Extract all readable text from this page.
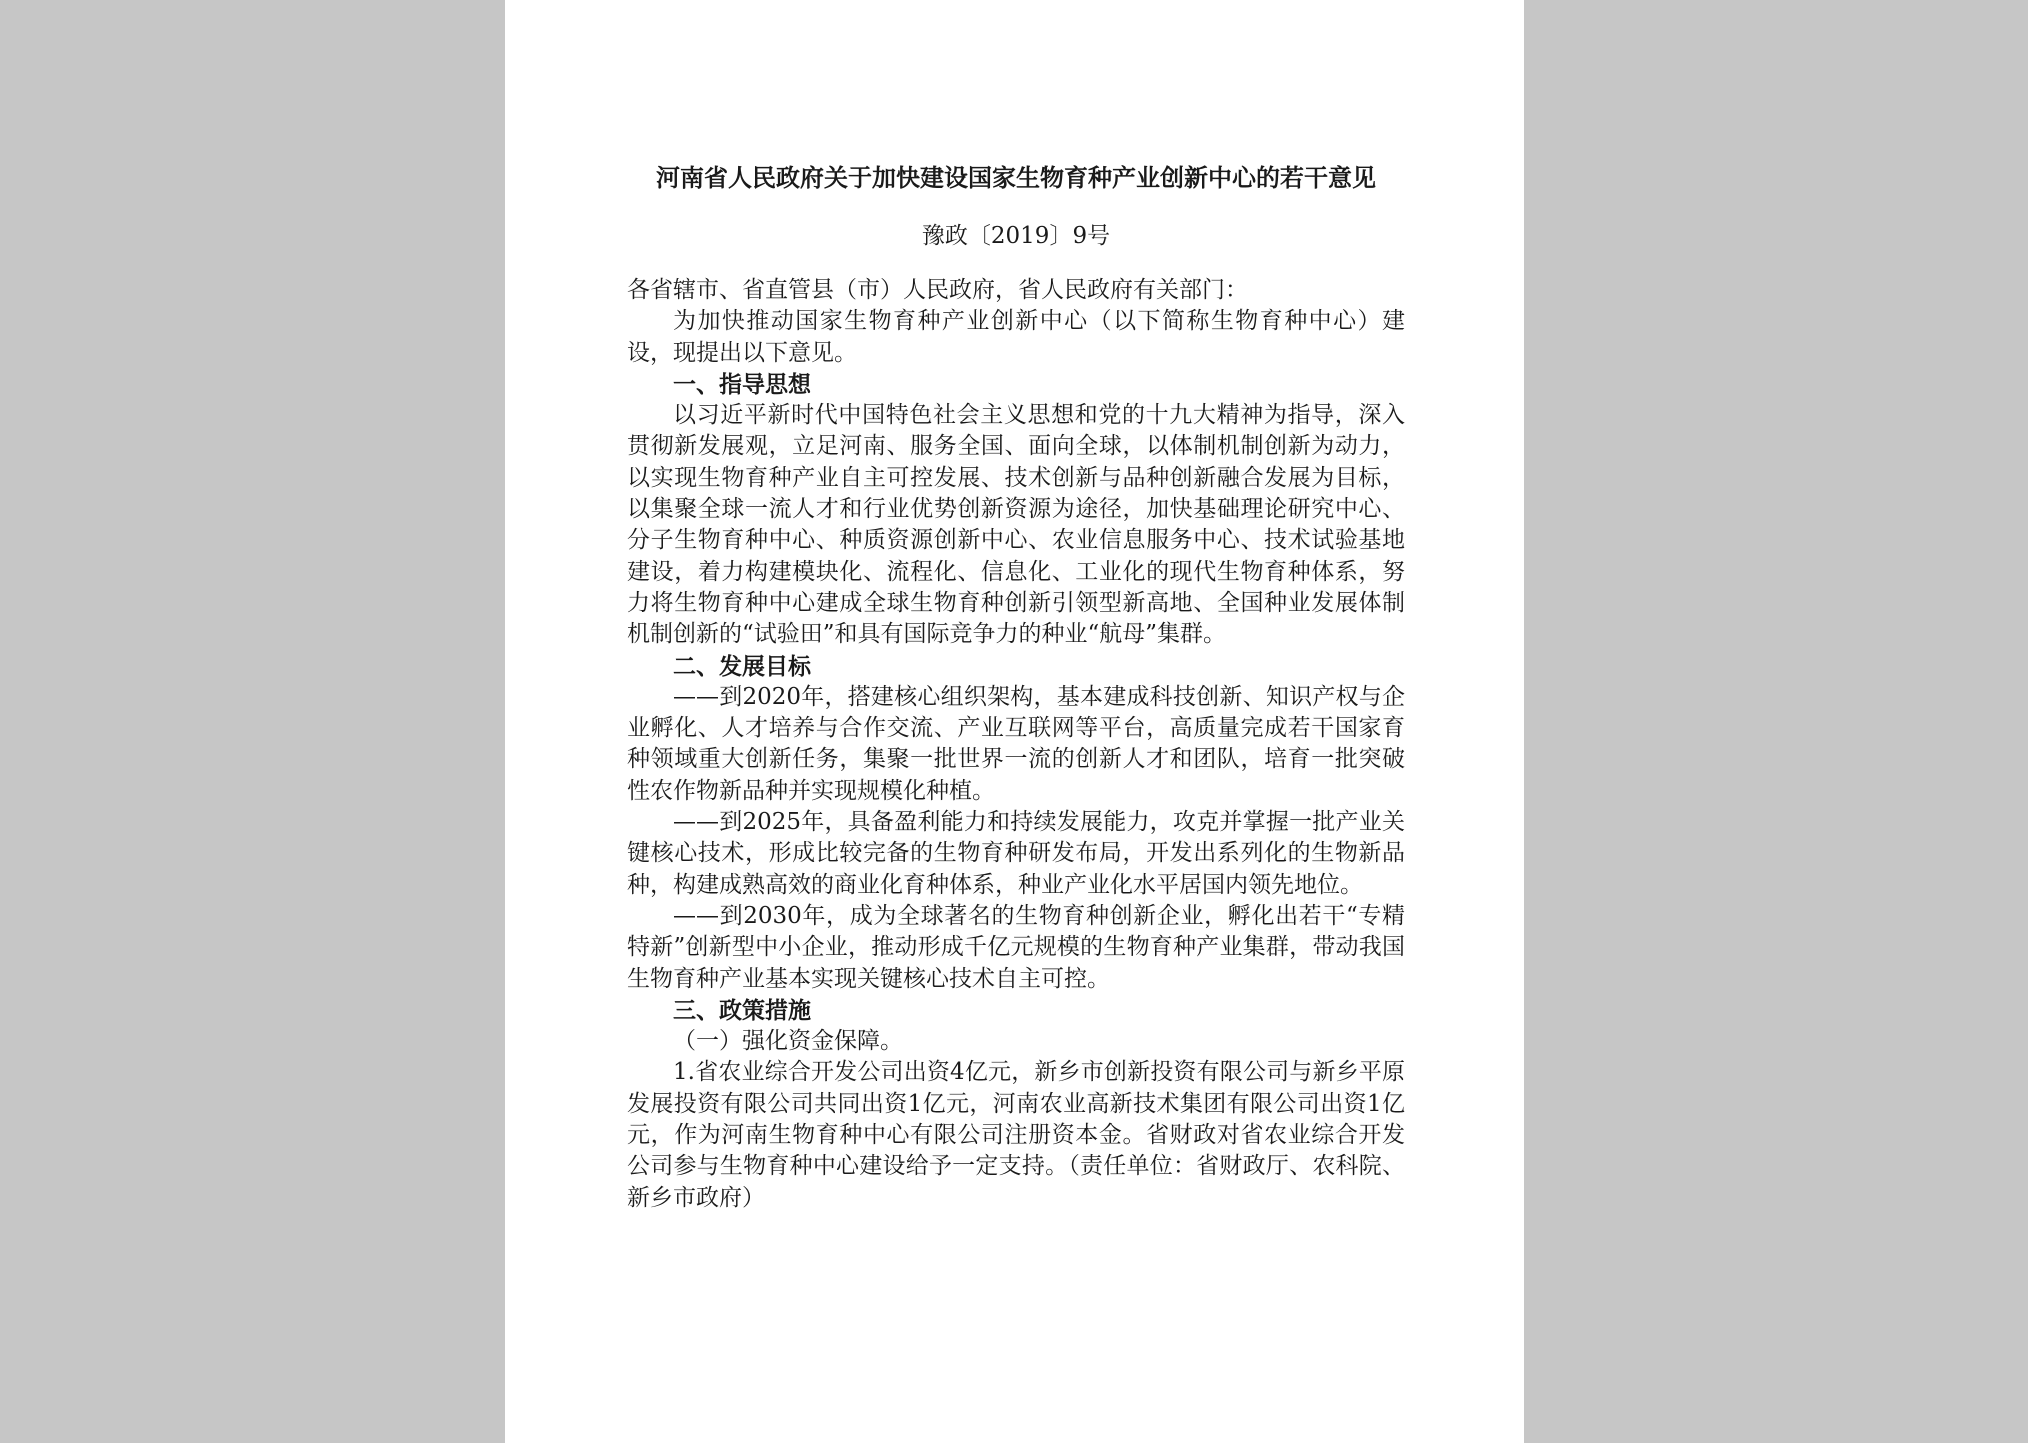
河南省人民政府关于加快建设国家生物育种产业创新中心的若干意见

豫政〔2019〕9号

各省辖市、省直管县（市）人民政府，省人民政府有关部门：

为加快推动国家生物育种产业创新中心（以下简称生物育种中心）建设，现提出以下意见。

一、指导思想

以习近平新时代中国特色社会主义思想和党的十九大精神为指导，深入贯彻新发展观，立足河南、服务全国、面向全球，以体制机制创新为动力，以实现生物育种产业自主可控发展、技术创新与品种创新融合发展为目标，以集聚全球一流人才和行业优势创新资源为途径，加快基础理论研究中心、分子生物育种中心、种质资源创新中心、农业信息服务中心、技术试验基地建设，着力构建模块化、流程化、信息化、工业化的现代生物育种体系，努力将生物育种中心建成全球生物育种创新引领型新高地、全国种业发展体制机制创新的“试验田”和具有国际竞争力的种业“航母”集群。

二、发展目标

——到2020年，搭建核心组织架构，基本建成科技创新、知识产权与企业孵化、人才培养与合作交流、产业互联网等平台，高质量完成若干国家育种领域重大创新任务，集聚一批世界一流的创新人才和团队，培育一批突破性农作物新品种并实现规模化种植。

——到2025年，具备盈利能力和持续发展能力，攻克并掌握一批产业关键核心技术，形成比较完备的生物育种研发布局，开发出系列化的生物新品种，构建成熟高效的商业化育种体系，种业产业化水平居国内领先地位。

——到2030年，成为全球著名的生物育种创新企业，孵化出若干“专精特新”创新型中小企业，推动形成千亿元规模的生物育种产业集群，带动我国生物育种产业基本实现关键核心技术自主可控。

三、政策措施

（一）强化资金保障。

1.省农业综合开发公司出资4亿元，新乡市创新投资有限公司与新乡平原发展投资有限公司共同出资1亿元，河南农业高新技术集团有限公司出资1亿元，作为河南生物育种中心有限公司注册资本金。省财政对省农业综合开发公司参与生物育种中心建设给予一定支持。（责任单位：省财政厅、农科院、新乡市政府）
